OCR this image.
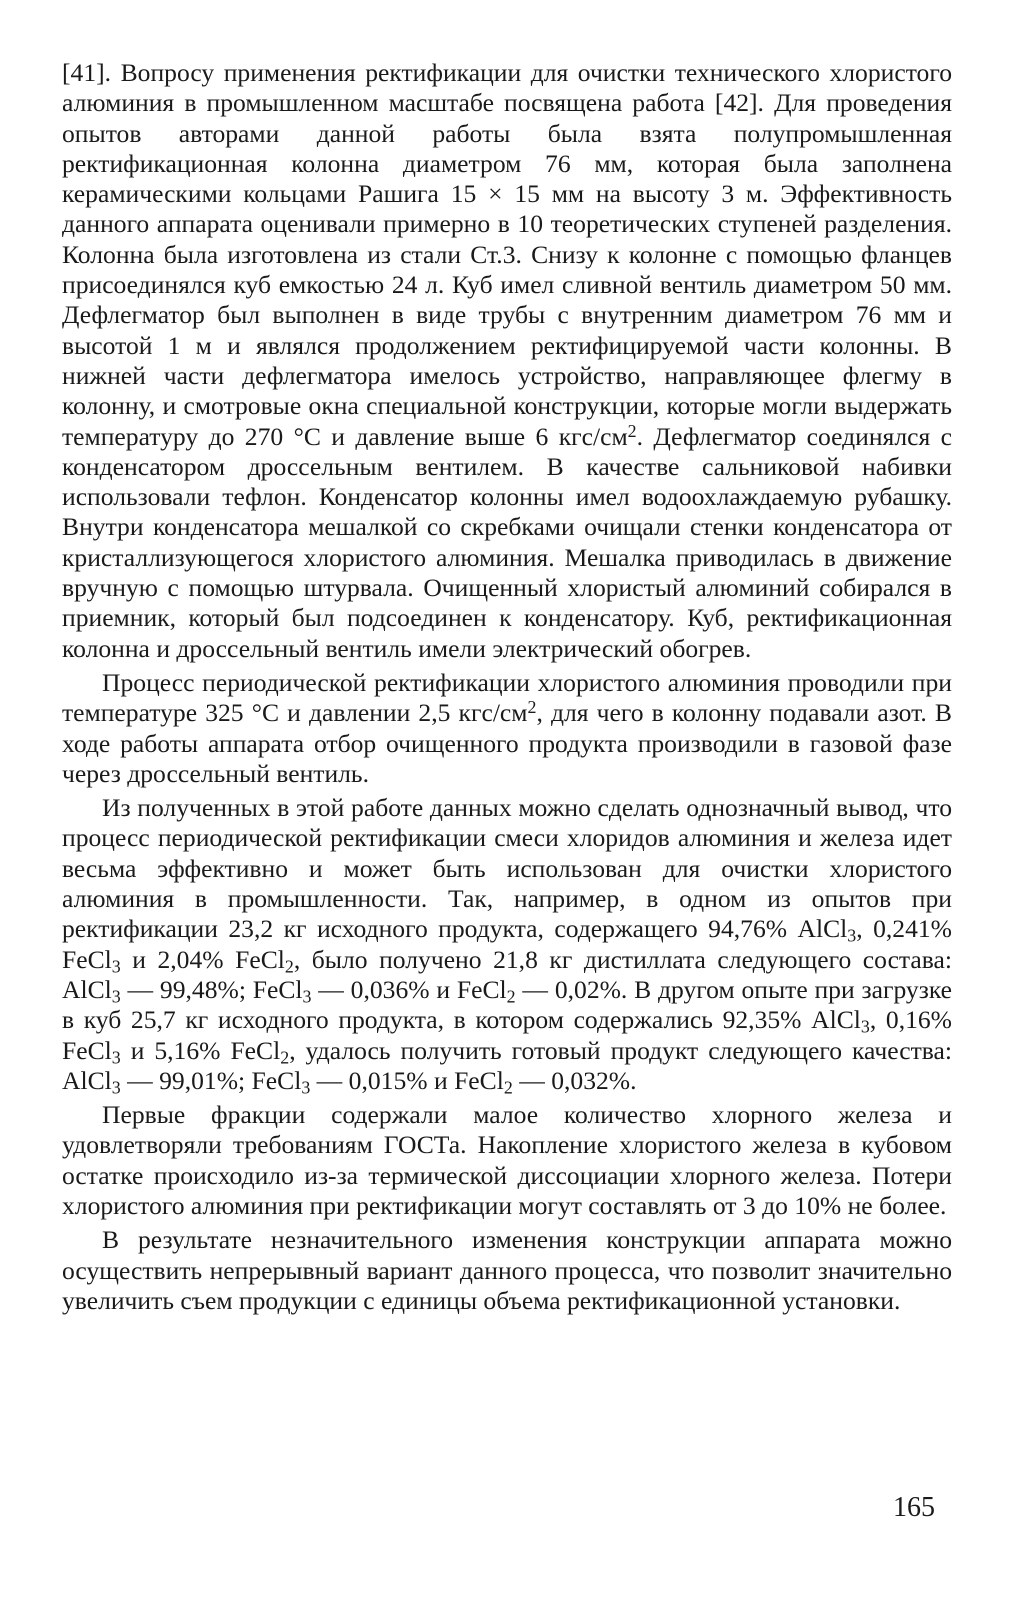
[41]. Вопросу применения ректификации для очистки технического хлористого алюминия в промышленном масштабе посвящена работа [42]. Для проведения опытов авторами данной работы была взята полупромышленная ректификационная колонна диаметром 76 мм, которая была заполнена керамическими кольцами Рашига 15 × 15 мм на высоту 3 м. Эффективность данного аппарата оценивали примерно в 10 теоретических ступеней разделения. Колонна была изготовлена из стали Ст.3. Снизу к колонне с помощью фланцев присоединялся куб емкостью 24 л. Куб имел сливной вентиль диаметром 50 мм. Дефлегматор был выполнен в виде трубы с внутренним диаметром 76 мм и высотой 1 м и являлся продолжением ректифицируемой части колонны. В нижней части дефлегматора имелось устройство, направляющее флегму в колонну, и смотровые окна специальной конструкции, которые могли выдержать температуру до 270 °С и давление выше 6 кгс/$см^2$. Дефлегматор соединялся с конденсатором дроссельным вентилем. В качестве сальниковой набивки использовали тефлон. Конденсатор колонны имел водоохлаждаемую рубашку. Внутри конденсатора мешалкой со скребками очищали стенки конденсатора от кристаллизующегося хлористого алюминия. Мешалка приводилась в движение вручную с помощью штурвала. Очищенный хлористый алюминий собирался в приемник, который был подсоединен к конденсатору. Куб, ректификационная колонна и дроссельный вентиль имели электрический обогрев.

Процесс периодической ректификации хлористого алюминия проводили при температуре 325 °С и давлении 2,5 кгс/$см^2$, для чего в колонну подавали азот. В ходе работы аппарата отбор очищенного продукта производили в газовой фазе через дроссельный вентиль.

Из полученных в этой работе данных можно сделать однозначный вывод, что процесс периодической ректификации смеси хлоридов алюминия и железа идет весьма эффективно и может быть использован для очистки хлористого алюминия в промышленности. Так, например, в одном из опытов при ректификации 23,2 кг исходного продукта, содержащего 94,76% AlCl$_3$, 0,241% FeCl$_3$ и 2,04% FeCl$_2$, было получено 21,8 кг дистиллата следующего состава: AlCl$_3$ — 99,48%; FeCl$_3$ — 0,036% и FeCl$_2$ — 0,02%. В другом опыте при загрузке в куб 25,7 кг исходного продукта, в котором содержались 92,35% AlCl$_3$, 0,16% FeCl$_3$ и 5,16% FeCl$_2$, удалось получить готовый продукт следующего качества: AlCl$_3$ — 99,01%; FeCl$_3$ — 0,015% и FeCl$_2$ — 0,032%.

Первые фракции содержали малое количество хлорного железа и удовлетворяли требованиям ГОСТа. Накопление хлористого железа в кубовом остатке происходило из-за термической диссоциации хлорного железа. Потери хлористого алюминия при ректификации могут составлять от 3 до 10% не более.

В результате незначительного изменения конструкции аппарата можно осуществить непрерывный вариант данного процесса, что позволит значительно увеличить съем продукции с единицы объема ректификационной установки.

165
